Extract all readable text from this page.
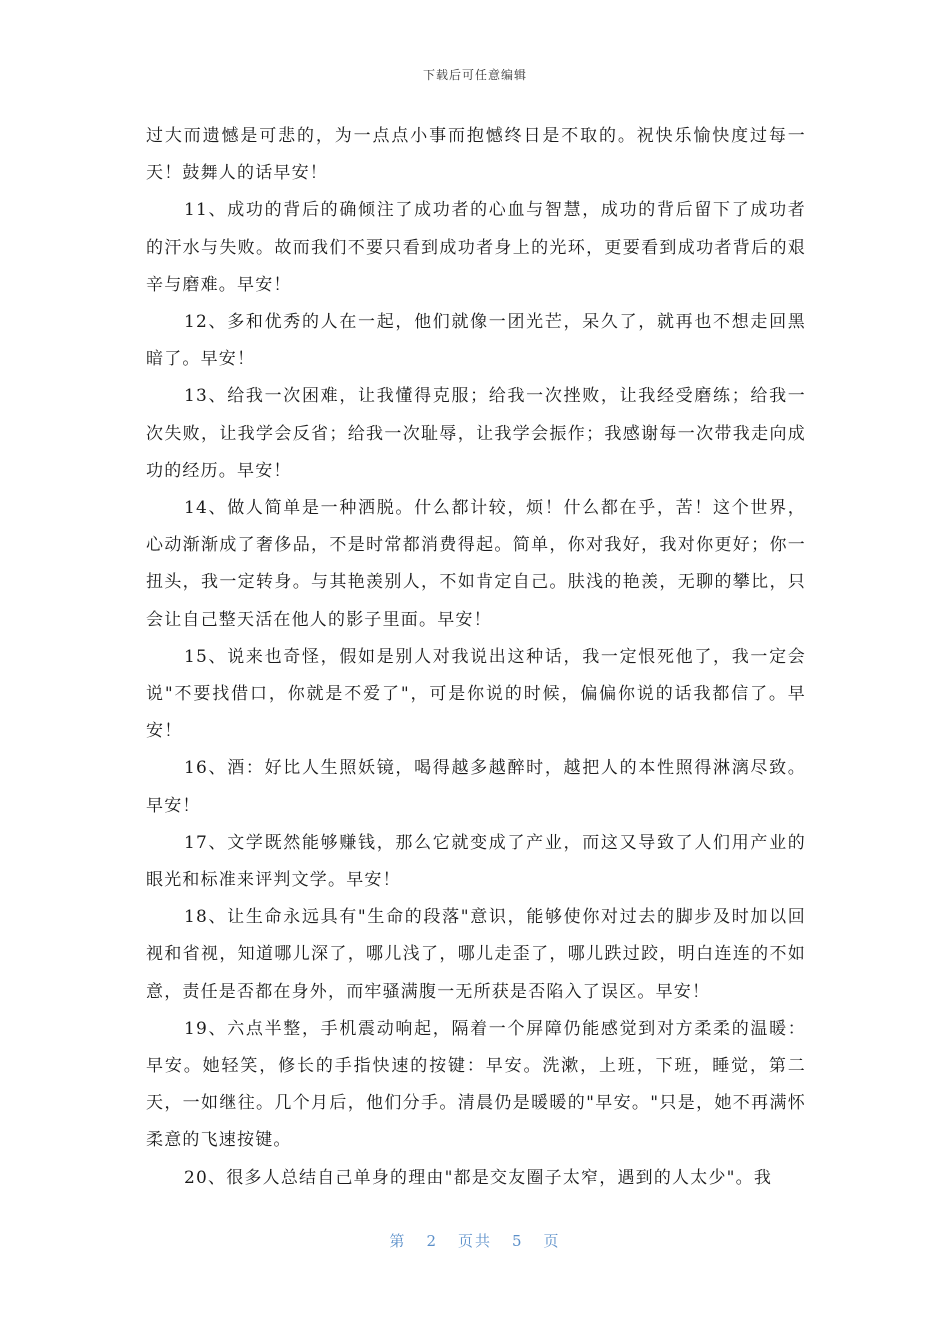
下载后可任意编辑

过大而遗憾是可悲的，为一点点小事而抱憾终日是不取的。祝快乐愉快度过每一天！鼓舞人的话早安！

11、成功的背后的确倾注了成功者的心血与智慧，成功的背后留下了成功者的汗水与失败。故而我们不要只看到成功者身上的光环，更要看到成功者背后的艰辛与磨难。早安！

12、多和优秀的人在一起，他们就像一团光芒，呆久了，就再也不想走回黑暗了。早安！

13、给我一次困难，让我懂得克服；给我一次挫败，让我经受磨练；给我一次失败，让我学会反省；给我一次耻辱，让我学会振作；我感谢每一次带我走向成功的经历。早安！

14、做人简单是一种洒脱。什么都计较，烦！什么都在乎，苦！这个世界，心动渐渐成了奢侈品，不是时常都消费得起。简单，你对我好，我对你更好；你一扭头，我一定转身。与其艳羡别人，不如肯定自己。肤浅的艳羡，无聊的攀比，只会让自己整天活在他人的影子里面。早安！

15、说来也奇怪，假如是别人对我说出这种话，我一定恨死他了，我一定会说"不要找借口，你就是不爱了"，可是你说的时候，偏偏你说的话我都信了。早安！

16、酒：好比人生照妖镜，喝得越多越醉时，越把人的本性照得淋漓尽致。早安！

17、文学既然能够赚钱，那么它就变成了产业，而这又导致了人们用产业的眼光和标准来评判文学。早安！

18、让生命永远具有"生命的段落"意识，能够使你对过去的脚步及时加以回视和省视，知道哪儿深了，哪儿浅了，哪儿走歪了，哪儿跌过跤，明白连连的不如意，责任是否都在身外，而牢骚满腹一无所获是否陷入了误区。早安！

19、六点半整，手机震动响起，隔着一个屏障仍能感觉到对方柔柔的温暖：早安。她轻笑，修长的手指快速的按键：早安。洗漱，上班，下班，睡觉，第二天，一如继往。几个月后，他们分手。清晨仍是暖暖的"早安。"只是，她不再满怀柔意的飞速按键。

20、很多人总结自己单身的理由"都是交友圈子太窄，遇到的人太少"。我

第 2 页共 5 页
